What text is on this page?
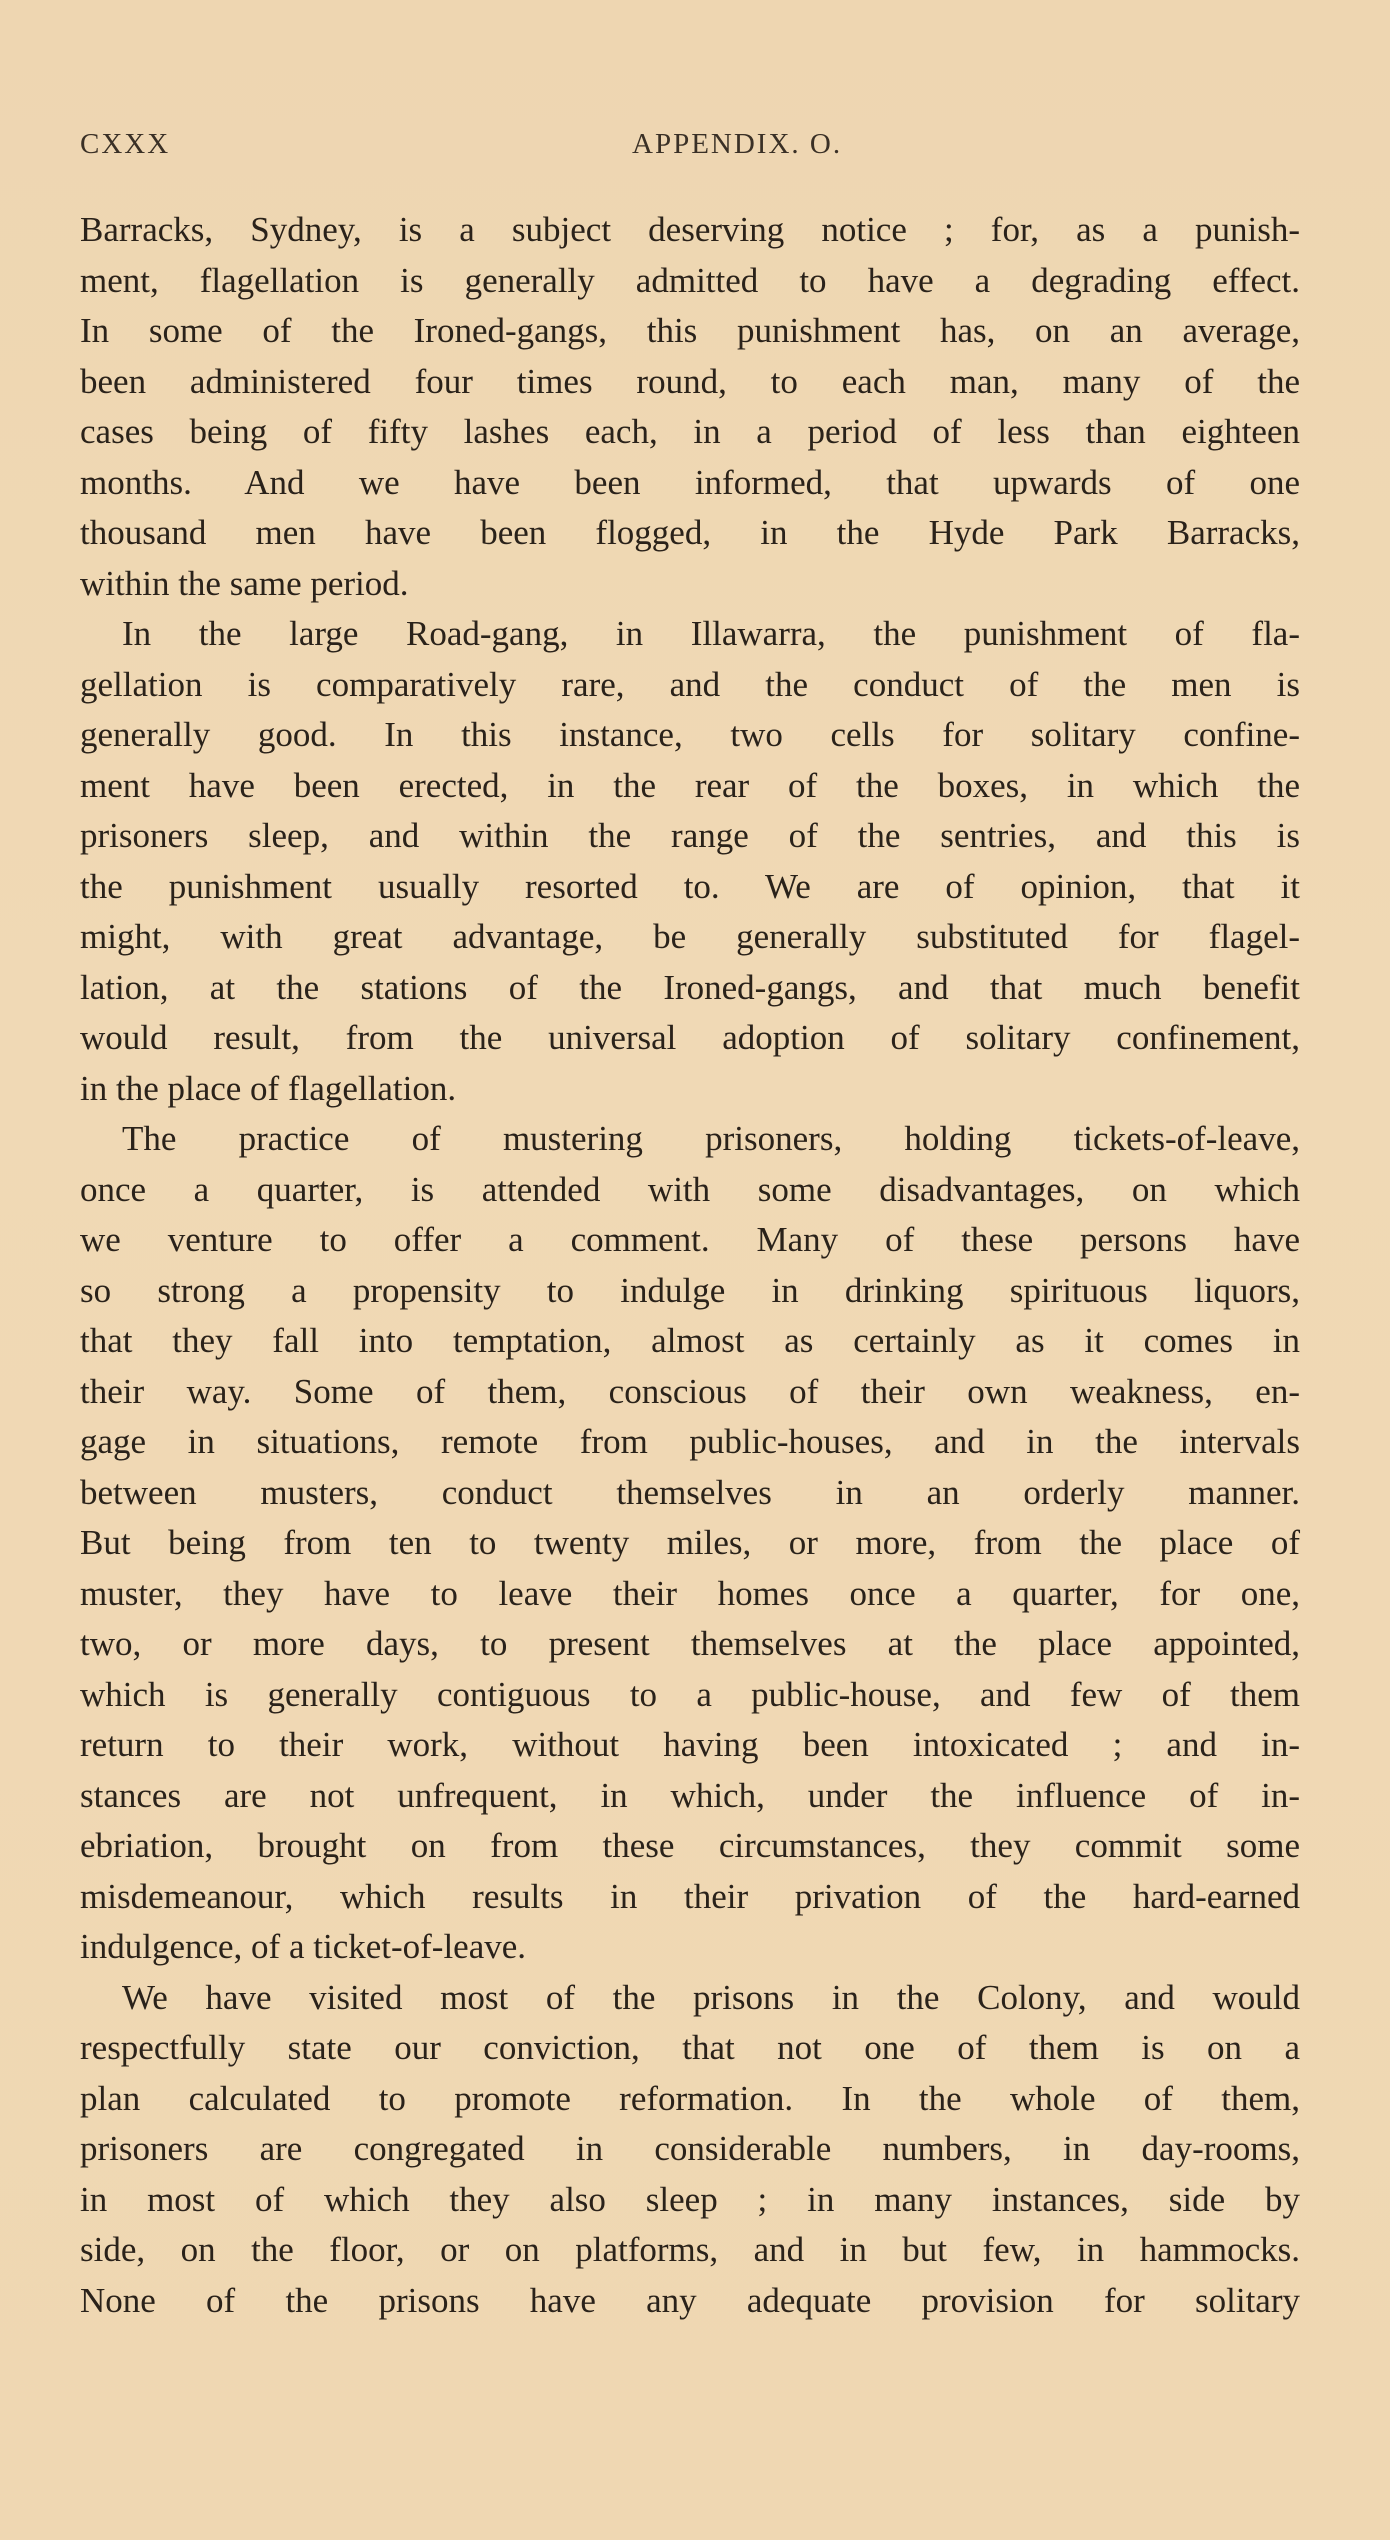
CXXX	APPENDIX. O.
Barracks, Sydney, is a subject deserving notice ; for, as a punish-
ment, flagellation is generally admitted to have a degrading effect.
In some of the Ironed-gangs, this punishment has, on an average,
been administered four times round, to each man, many of the
cases being of fifty lashes each, in a period of less than eighteen
months. And we have been informed, that upwards of one
thousand men have been flogged, in the Hyde Park Barracks,
within the same period.
In the large Road-gang, in Illawarra, the punishment of fla-
gellation is comparatively rare, and the conduct of the men is
generally good. In this instance, two cells for solitary confine-
ment have been erected, in the rear of the boxes, in which the
prisoners sleep, and within the range of the sentries, and this is
the punishment usually resorted to. We are of opinion, that it
might, with great advantage, be generally substituted for flagel-
lation, at the stations of the Ironed-gangs, and that much benefit
would result, from the universal adoption of solitary confinement,
in the place of flagellation.
The practice of mustering prisoners, holding tickets-of-leave,
once a quarter, is attended with some disadvantages, on which
we venture to offer a comment. Many of these persons have
so strong a propensity to indulge in drinking spirituous liquors,
that they fall into temptation, almost as certainly as it comes in
their way. Some of them, conscious of their own weakness, en-
gage in situations, remote from public-houses, and in the intervals
between musters, conduct themselves in an orderly manner.
But being from ten to twenty miles, or more, from the place of
muster, they have to leave their homes once a quarter, for one,
two, or more days, to present themselves at the place appointed,
which is generally contiguous to a public-house, and few of them
return to their work, without having been intoxicated ; and in-
stances are not unfrequent, in which, under the influence of in-
ebriation, brought on from these circumstances, they commit some
misdemeanour, which results in their privation of the hard-earned
indulgence, of a ticket-of-leave.
We have visited most of the prisons in the Colony, and would
respectfully state our conviction, that not one of them is on a
plan calculated to promote reformation. In the whole of them,
prisoners are congregated in considerable numbers, in day-rooms,
in most of which they also sleep ; in many instances, side by
side, on the floor, or on platforms, and in but few, in hammocks.
None of the prisons have any adequate provision for solitary
